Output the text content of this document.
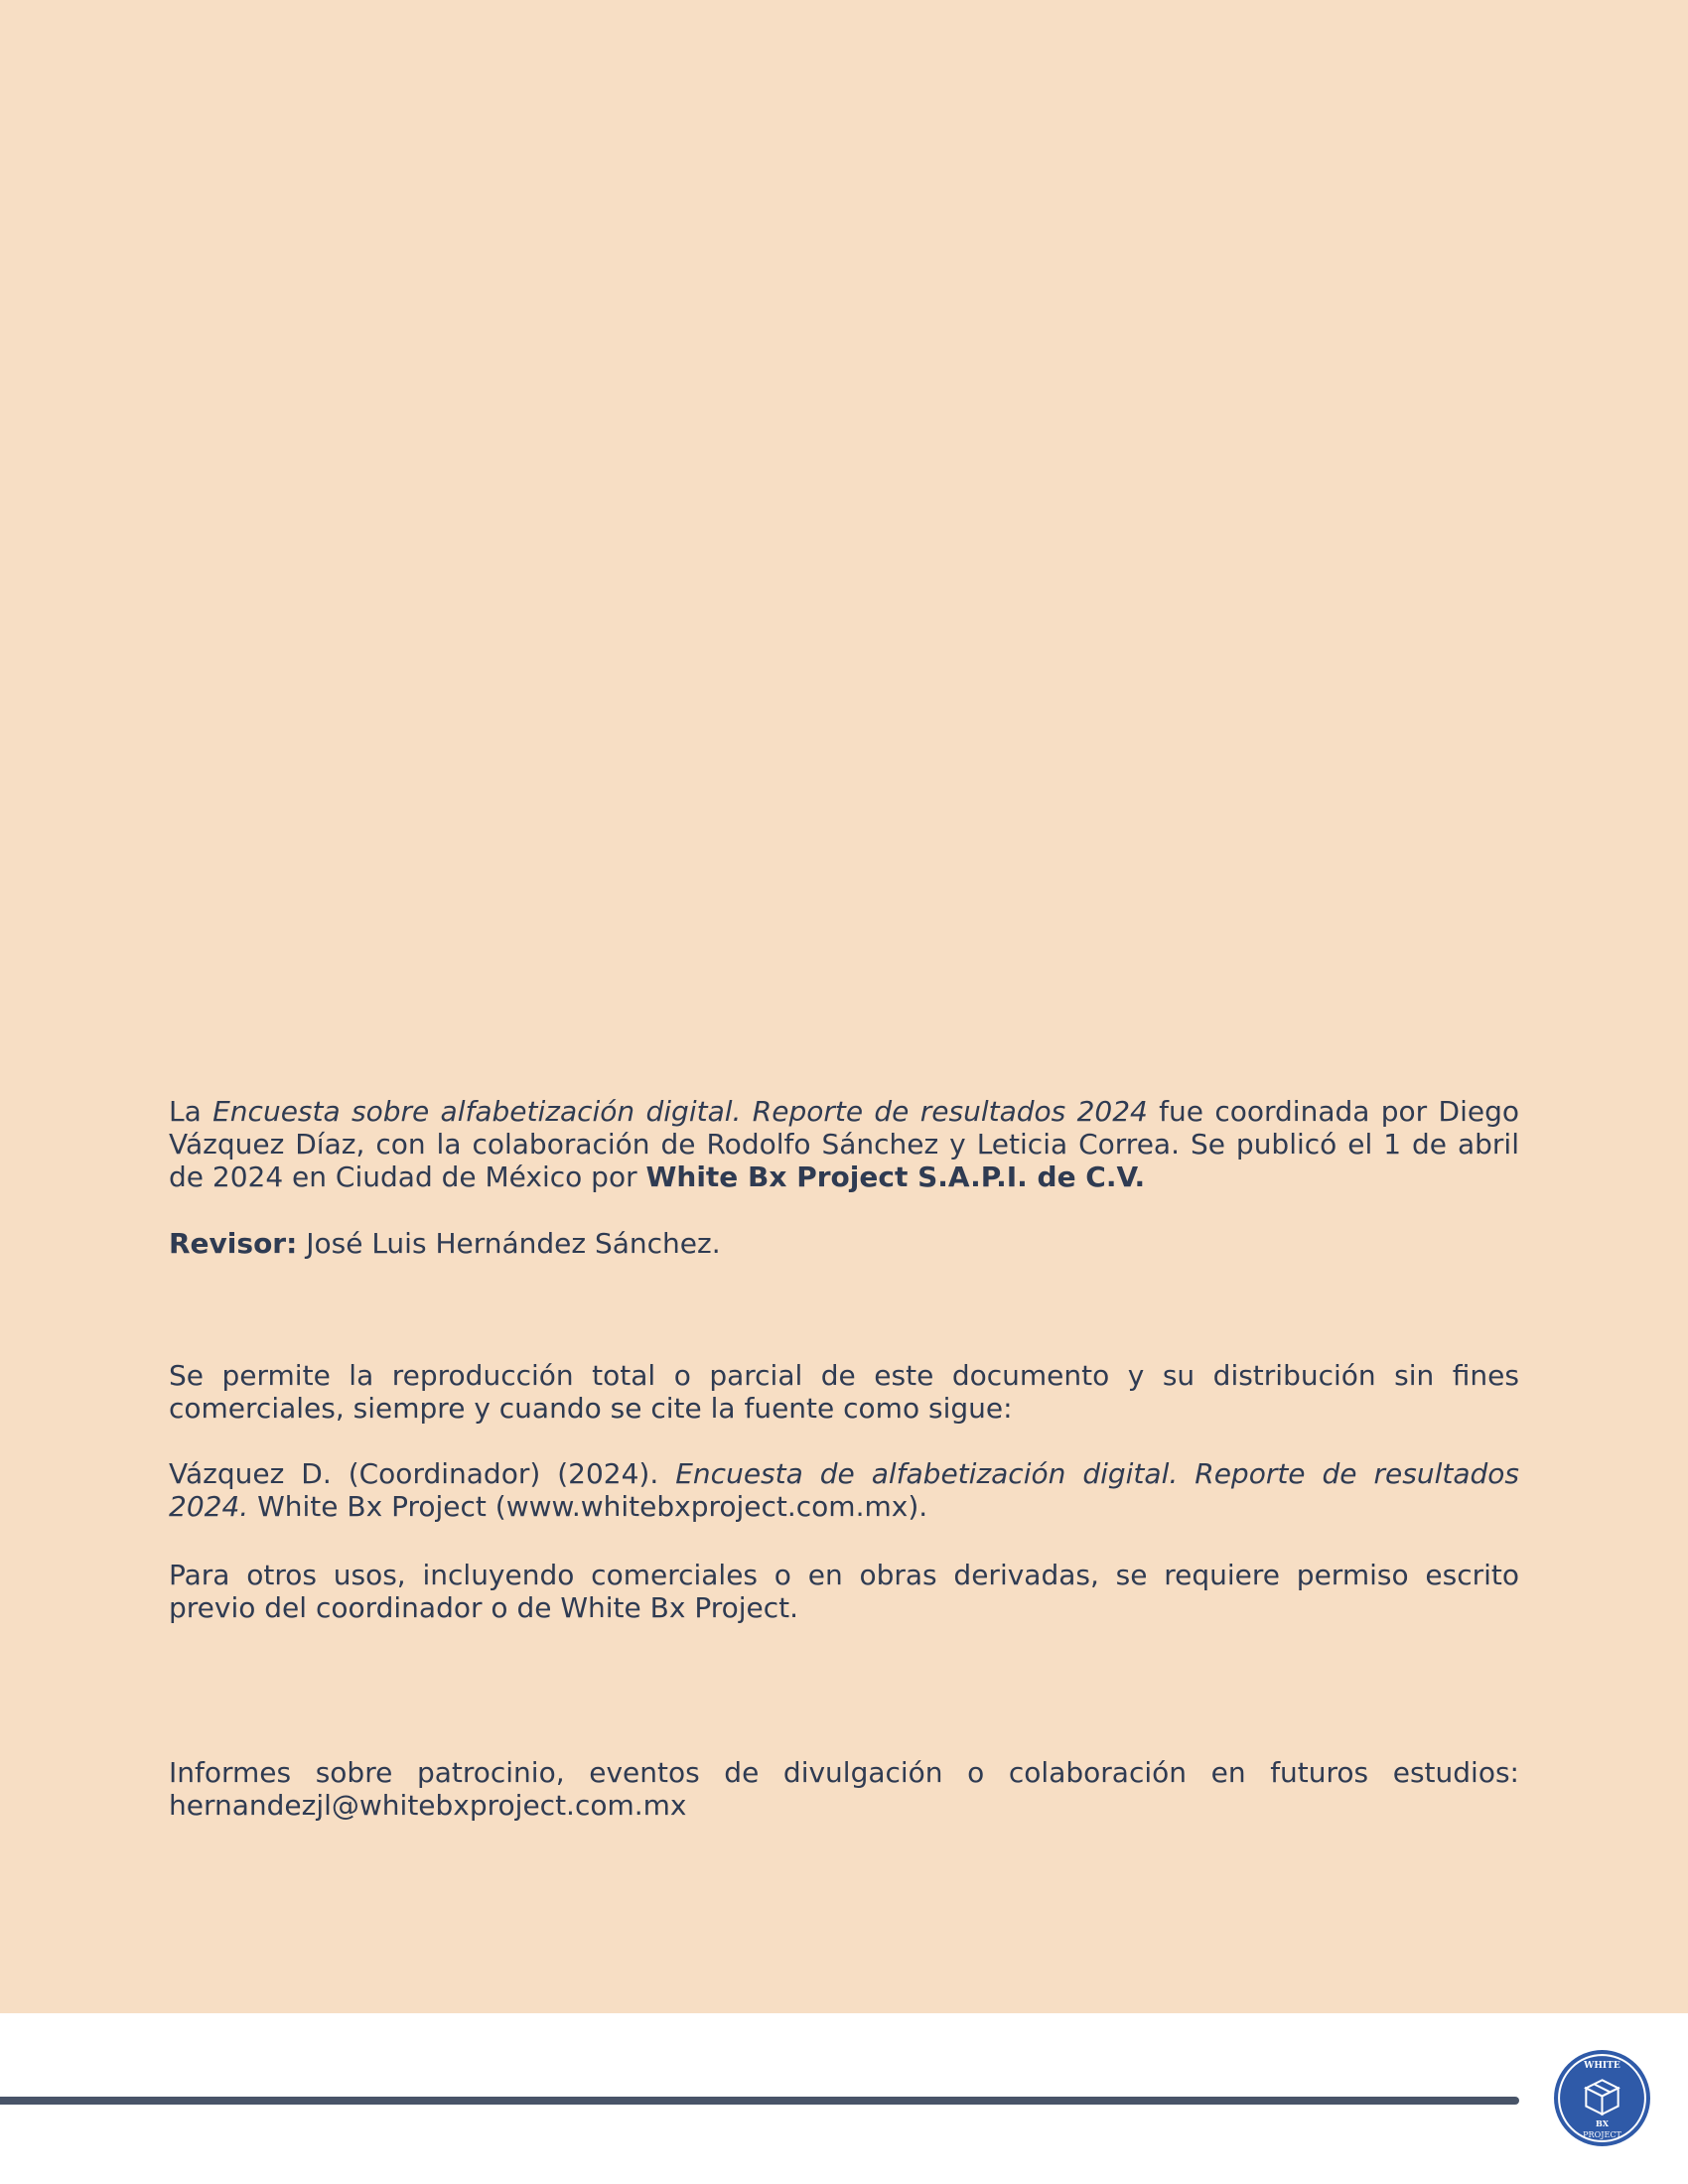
La Encuesta sobre alfabetización digital. Reporte de resultados 2024 fue coordinada por Diego Vázquez Díaz, con la colaboración de Rodolfo Sánchez y Leticia Correa. Se publicó el 1 de abril de 2024 en Ciudad de México por White Bx Project S.A.P.I. de C.V.

Revisor: José Luis Hernández Sánchez.

Se permite la reproducción total o parcial de este documento y su distribución sin fines comerciales, siempre y cuando se cite la fuente como sigue:

Vázquez D. (Coordinador) (2024). Encuesta de alfabetización digital. Reporte de resultados 2024. White Bx Project (www.whitebxproject.com.mx).

Para otros usos, incluyendo comerciales o en obras derivadas, se requiere permiso escrito previo del coordinador o de White Bx Project.

Informes sobre patrocinio, eventos de divulgación o colaboración en futuros estudios: hernandezjl@whitebxproject.com.mx

WHITE
BX
PROJECT
